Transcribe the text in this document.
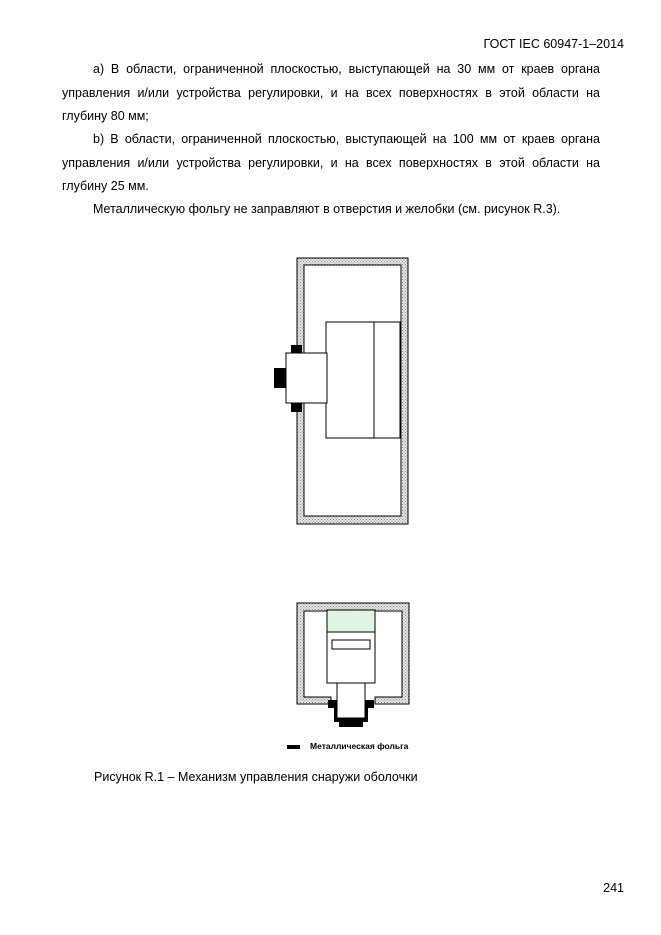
ГОСТ IEC 60947-1–2014

a) В области, ограниченной плоскостью, выступающей на 30 мм от краев органа управления и/или устройства регулировки, и на всех поверхностях в этой области на глубину 80 мм;

b) В области, ограниченной плоскостью, выступающей на 100 мм от краев органа управления и/или устройства регулировки, и на всех поверхностях в этой области на глубину 25 мм.

Металлическую фольгу не заправляют в отверстия и желобки (см. рисунок R.3).

Металлическая фольга
Рисунок R.1 – Механизм управления снаружи оболочки
241
